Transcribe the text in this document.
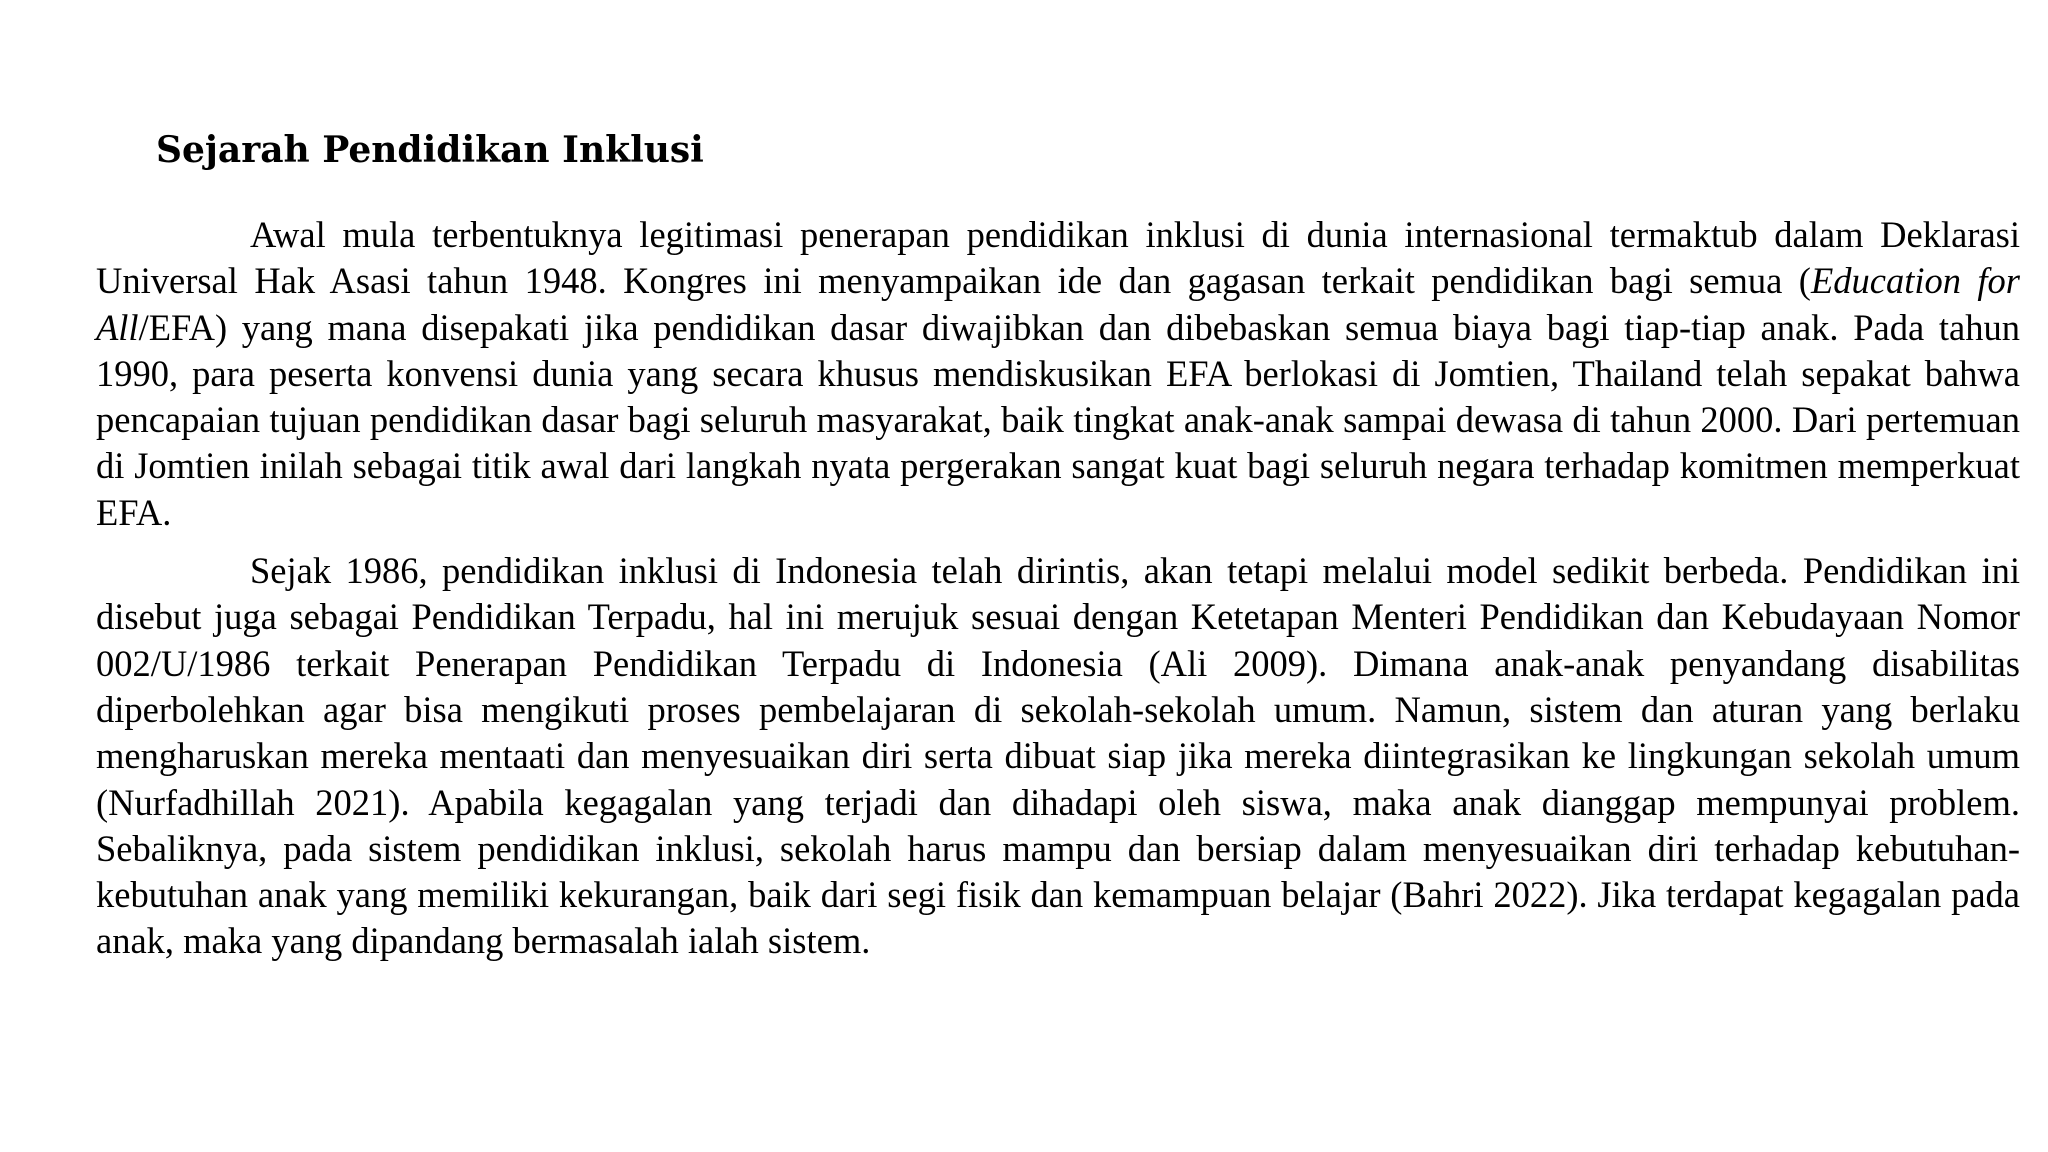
Sejarah Pendidikan Inklusi

Awal mula terbentuknya legitimasi penerapan pendidikan inklusi di dunia internasional termaktub dalam Deklarasi Universal Hak Asasi tahun 1948. Kongres ini menyampaikan ide dan gagasan terkait pendidikan bagi semua (Education for All/EFA) yang mana disepakati jika pendidikan dasar diwajibkan dan dibebaskan semua biaya bagi tiap-tiap anak. Pada tahun 1990, para peserta konvensi dunia yang secara khusus mendiskusikan EFA berlokasi di Jomtien, Thailand telah sepakat bahwa pencapaian tujuan pendidikan dasar bagi seluruh masyarakat, baik tingkat anak-anak sampai dewasa di tahun 2000. Dari pertemuan di Jomtien inilah sebagai titik awal dari langkah nyata pergerakan sangat kuat bagi seluruh negara terhadap komitmen memperkuat EFA.

Sejak 1986, pendidikan inklusi di Indonesia telah dirintis, akan tetapi melalui model sedikit berbeda. Pendidikan ini disebut juga sebagai Pendidikan Terpadu, hal ini merujuk sesuai dengan Ketetapan Menteri Pendidikan dan Kebudayaan Nomor 002/U/1986 terkait Penerapan Pendidikan Terpadu di Indonesia (Ali 2009). Dimana anak-anak penyandang disabilitas diperbolehkan agar bisa mengikuti proses pembelajaran di sekolah-sekolah umum. Namun, sistem dan aturan yang berlaku mengharuskan mereka mentaati dan menyesuaikan diri serta dibuat siap jika mereka diintegrasikan ke lingkungan sekolah umum (Nurfadhillah 2021). Apabila kegagalan yang terjadi dan dihadapi oleh siswa, maka anak dianggap mempunyai problem. Sebaliknya, pada sistem pendidikan inklusi, sekolah harus mampu dan bersiap dalam menyesuaikan diri terhadap kebutuhan-kebutuhan anak yang memiliki kekurangan, baik dari segi fisik dan kemampuan belajar (Bahri 2022). Jika terdapat kegagalan pada anak, maka yang dipandang bermasalah ialah sistem.
